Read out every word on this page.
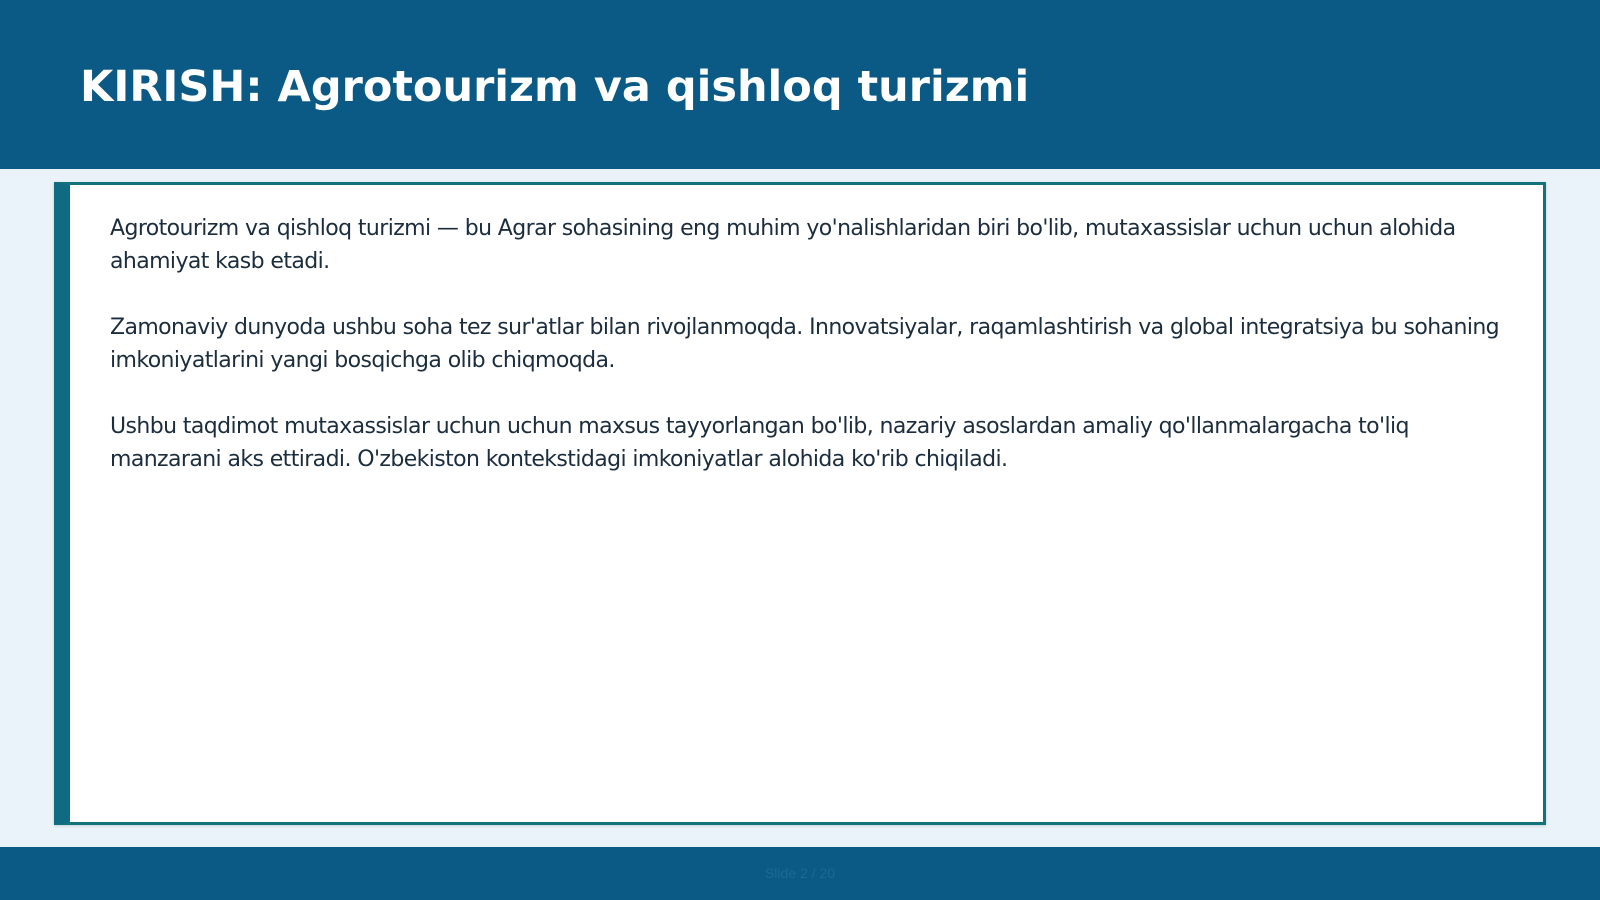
KIRISH: Agrotourizm va qishloq turizmi

Agrotourizm va qishloq turizmi — bu Agrar sohasining eng muhim yo'nalishlaridan biri bo'lib, mutaxassislar uchun uchun alohida ahamiyat kasb etadi.

Zamonaviy dunyoda ushbu soha tez sur'atlar bilan rivojlanmoqda. Innovatsiyalar, raqamlashtirish va global integratsiya bu sohaning imkoniyatlarini yangi bosqichga olib chiqmoqda.

Ushbu taqdimot mutaxassislar uchun uchun maxsus tayyorlangan bo'lib, nazariy asoslardan amaliy qo'llanmalargacha to'liq manzarani aks ettiradi. O'zbekiston kontekstidagi imkoniyatlar alohida ko'rib chiqiladi.

Slide 2 / 20
